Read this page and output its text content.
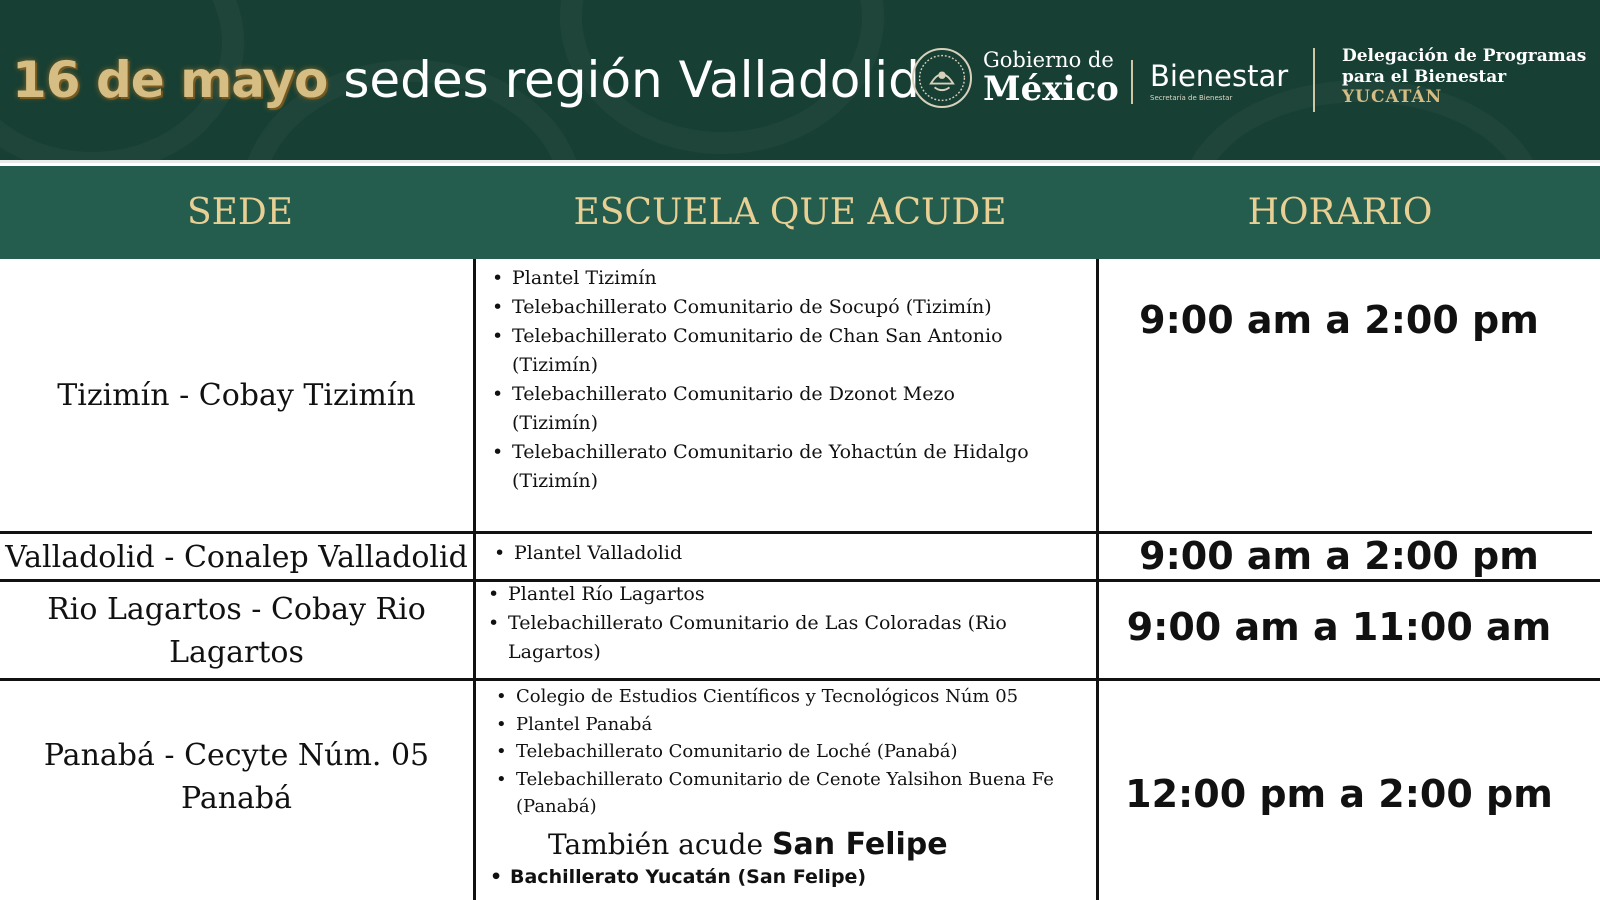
16 de mayo sedes región Valladolid	Gobierno de
México Bienestar
Secretaría de Bienestar
Delegación de Programas
para el Bienestar
YUCATÁN
SEDE	ESCUELA QUE ACUDE	HORARIO
Tizimín - Cobay Tizimín
• Plantel Tizimín
• Telebachillerato Comunitario de Socupó (Tizimín)
• Telebachillerato Comunitario de Chan San Antonio (Tizimín)
• Telebachillerato Comunitario de Dzonot Mezo (Tizimín)
• Telebachillerato Comunitario de Yohactún de Hidalgo (Tizimín)
9:00 am a 2:00 pm
Valladolid - Conalep Valladolid
•	Plantel Valladolid	9:00 am a 2:00 pm
Rio Lagartos - Cobay Rio Lagartos
• Plantel Río Lagartos
• Telebachillerato Comunitario de Las Coloradas (Rio Lagartos)
9:00 am a 11:00 am
Panabá - Cecyte Núm. 05 Panabá
• Colegio de Estudios Científicos y Tecnológicos Núm 05
• Plantel Panabá
• Telebachillerato Comunitario de Loché (Panabá)
• Telebachillerato Comunitario de Cenote Yalsihon Buena Fe (Panabá)
También acude San Felipe
• Bachillerato Yucatán (San Felipe)
12:00 pm a 2:00 pm
